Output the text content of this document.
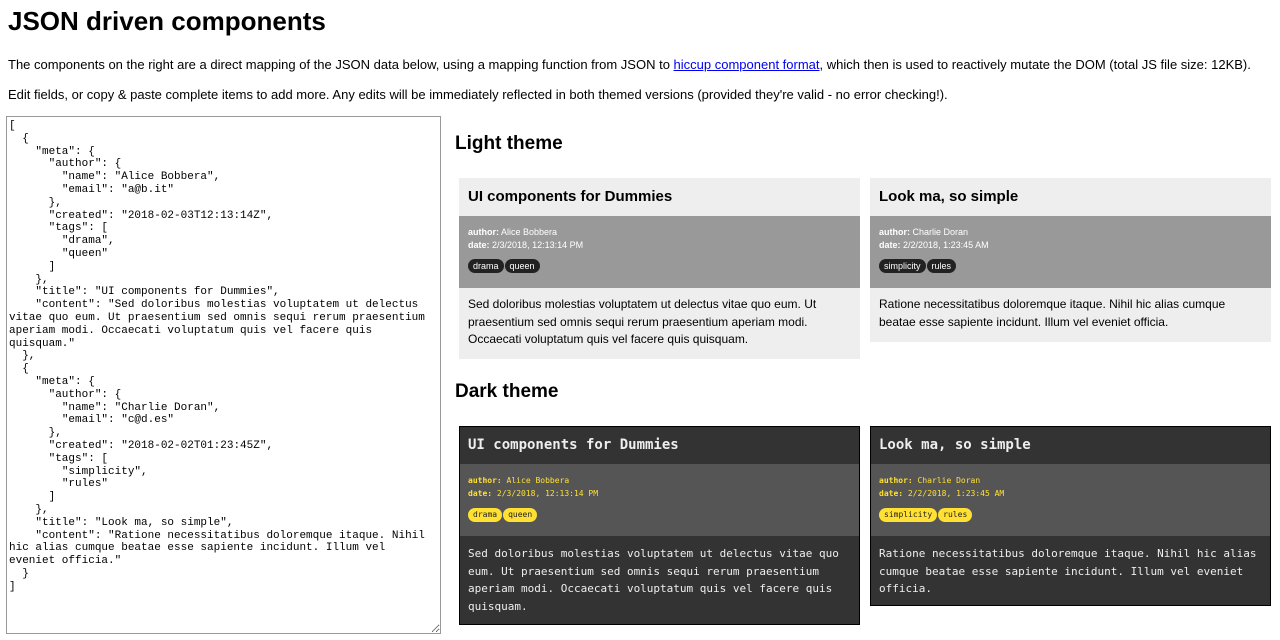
JSON driven components

The components on the right are a direct mapping of the JSON data below, using a mapping function from JSON to hiccup component format, which then is used to reactively mutate the DOM (total JS file size: 12KB).

Edit fields, or copy & paste complete items to add more. Any edits will be immediately reflected in both themed versions (provided they're valid - no error checking!).

[ { "meta": { "author": { "name": "Alice Bobbera", "email": "a@b.it" }, "created": "2018-02-03T12:13:14Z", "tags": [ "drama", "queen" ] }, "title": "UI components for Dummies", "content": "Sed doloribus molestias voluptatem ut delectus vitae quo eum. Ut praesentium sed omnis sequi rerum praesentium aperiam modi. Occaecati voluptatum quis vel facere quis quisquam." }, { "meta": { "author": { "name": "Charlie Doran", "email": "c@d.es" }, "created": "2018-02-02T01:23:45Z", "tags": [ "simplicity", "rules" ] }, "title": "Look ma, so simple", "content": "Ratione necessitatibus doloremque itaque. Nihil hic alias cumque beatae esse sapiente incidunt. Illum vel eveniet officia." } ]
Light theme
UI components for Dummies
author: Alice Bobbera
date: 2/3/2018, 12:13:14 PM
drama queen
Sed doloribus molestias voluptatem ut delectus vitae quo eum. Ut praesentium sed omnis sequi rerum praesentium aperiam modi. Occaecati voluptatum quis vel facere quis quisquam.
Look ma, so simple
author: Charlie Doran
date: 2/2/2018, 1:23:45 AM
simplicity rules
Ratione necessitatibus doloremque itaque. Nihil hic alias cumque beatae esse sapiente incidunt. Illum vel eveniet officia.
Dark theme
UI components for Dummies
author: Alice Bobbera
date: 2/3/2018, 12:13:14 PM
drama queen
Sed doloribus molestias voluptatem ut delectus vitae quo eum. Ut praesentium sed omnis sequi rerum praesentium aperiam modi. Occaecati voluptatum quis vel facere quis quisquam.
Look ma, so simple
author: Charlie Doran
date: 2/2/2018, 1:23:45 AM
simplicity rules
Ratione necessitatibus doloremque itaque. Nihil hic alias cumque beatae esse sapiente incidunt. Illum vel eveniet officia.
